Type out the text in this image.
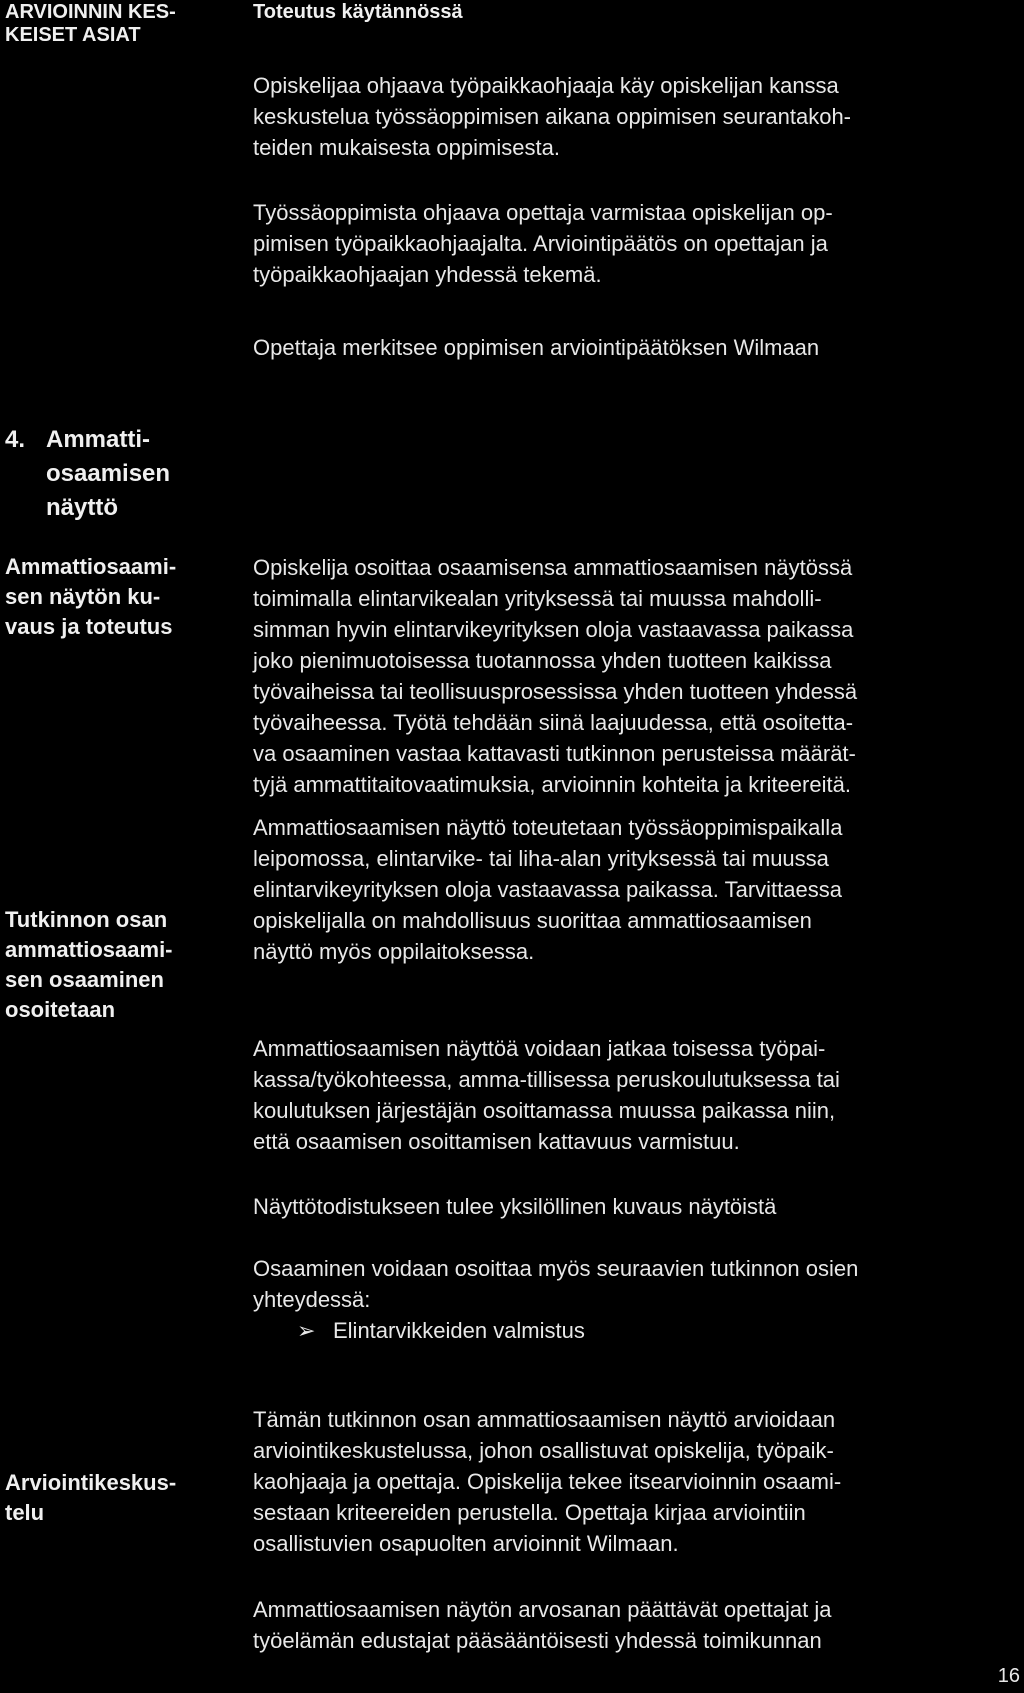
ARVIOINNIN KES-
KEISET ASIAT
Toteutus käytännössä
Opiskelijaa ohjaava työpaikkaohjaaja käy opiskelijan kanssa
keskustelua työssäoppimisen aikana oppimisen seurantakoh-
teiden mukaisesta oppimisesta.
Työssäoppimista ohjaava opettaja varmistaa opiskelijan op-
pimisen työpaikkaohjaajalta. Arviointipäätös on opettajan ja
työpaikkaohjaajan yhdessä tekemä.
Opettaja merkitsee oppimisen arviointipäätöksen Wilmaan
4. Ammatti-
osaamisen
näyttö
Ammattiosaami-
sen näytön ku-
vaus ja toteutus
Opiskelija osoittaa osaamisensa ammattiosaamisen näytössä
toimimalla elintarvikealan yrityksessä tai muussa mahdolli-
simman hyvin elintarvikeyrityksen oloja vastaavassa paikassa
joko pienimuotoisessa tuotannossa yhden tuotteen kaikissa
työvaiheissa tai teollisuusprosessissa yhden tuotteen yhdessä
työvaiheessa. Työtä tehdään siinä laajuudessa, että osoitetta-
va osaaminen vastaa kattavasti tutkinnon perusteissa määrät-
tyjä ammattitaitovaatimuksia, arvioinnin kohteita ja kriteereitä.
Tutkinnon osan
ammattiosaami-
sen osaaminen
osoitetaan
Ammattiosaamisen näyttö toteutetaan työssäoppimispaikalla
leipomossa, elintarvike- tai liha-alan yrityksessä tai muussa
elintarvikeyrityksen oloja vastaavassa paikassa. Tarvittaessa
opiskelijalla on mahdollisuus suorittaa ammattiosaamisen
näyttö myös oppilaitoksessa.
Ammattiosaamisen näyttöä voidaan jatkaa toisessa työpai-
kassa/työkohteessa, amma-tillisessa peruskoulutuksessa tai
koulutuksen järjestäjän osoittamassa muussa paikassa niin,
että osaamisen osoittamisen kattavuus varmistuu.
Näyttötodistukseen tulee yksilöllinen kuvaus näytöistä
Osaaminen voidaan osoittaa myös seuraavien tutkinnon osien
yhteydessä:
➢ Elintarvikkeiden valmistus
Arviointikeskus-
telu
Tämän tutkinnon osan ammattiosaamisen näyttö arvioidaan
arviointikeskustelussa, johon osallistuvat opiskelija, työpaik-
kaohjaaja ja opettaja. Opiskelija tekee itsearvioinnin osaami-
sestaan kriteereiden perustella. Opettaja kirjaa arviointiin
osallistuvien osapuolten arvioinnit Wilmaan.
Ammattiosaamisen näytön arvosanan päättävät opettajat ja
työelämän edustajat pääsääntöisesti yhdessä toimikunnan
16
